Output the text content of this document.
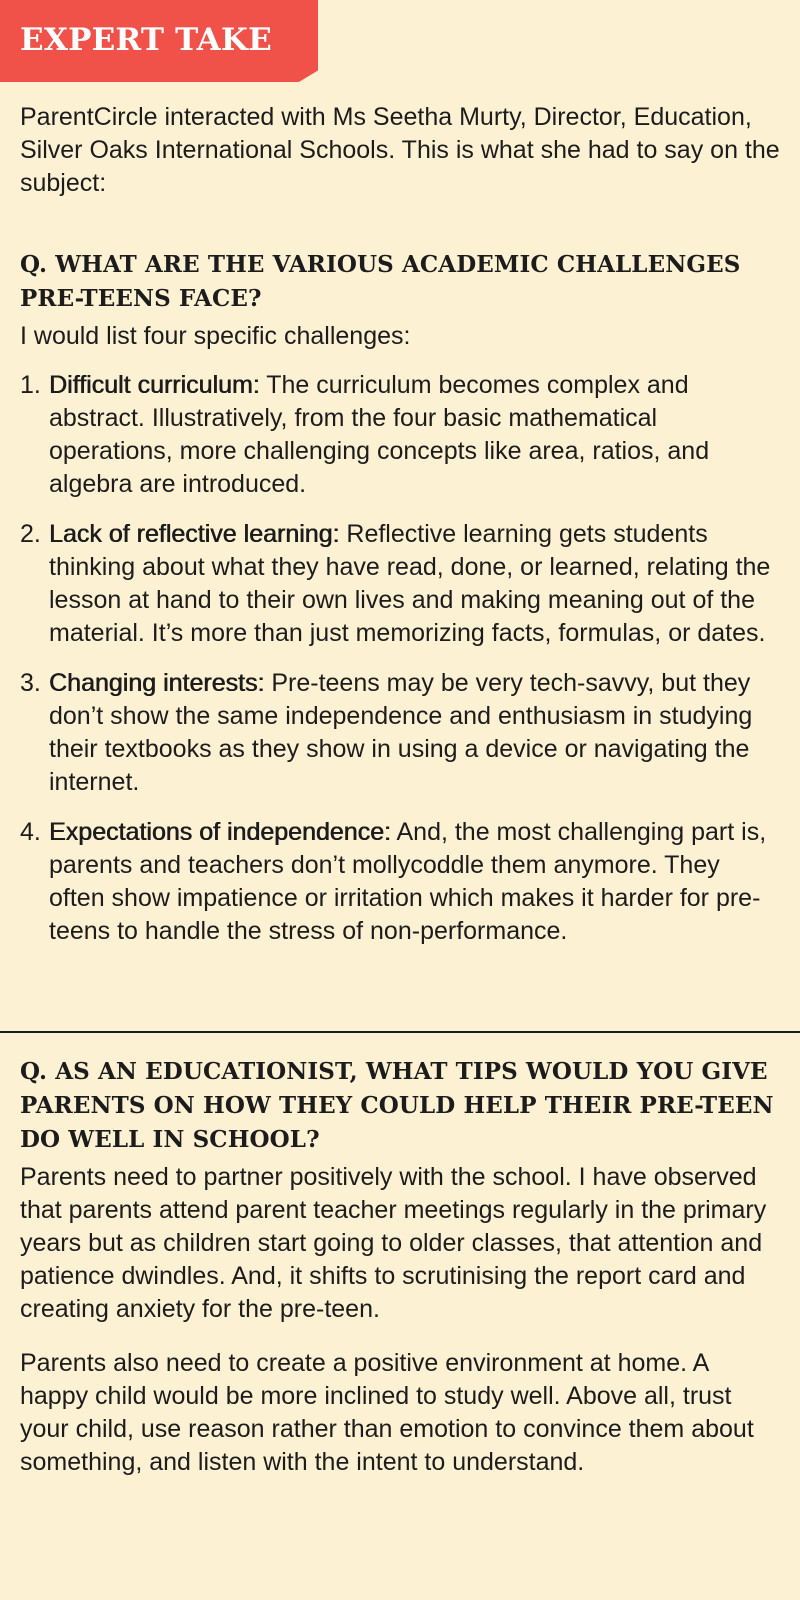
EXPERT TAKE

ParentCircle interacted with Ms Seetha Murty, Director, Education, Silver Oaks International Schools. This is what she had to say on the subject:

Q. WHAT ARE THE VARIOUS ACADEMIC CHALLENGES PRE-TEENS FACE?

I would list four specific challenges:

1. Difficult curriculum: The curriculum becomes complex and abstract. Illustratively, from the four basic mathematical operations, more challenging concepts like area, ratios, and algebra are introduced.
2. Lack of reflective learning: Reflective learning gets students thinking about what they have read, done, or learned, relating the lesson at hand to their own lives and making meaning out of the material. It’s more than just memorizing facts, formulas, or dates.
3. Changing interests: Pre-teens may be very tech-savvy, but they don’t show the same independence and enthusiasm in studying their textbooks as they show in using a device or navigating the internet.
4. Expectations of independence: And, the most challenging part is, parents and teachers don’t mollycoddle them anymore. They often show impatience or irritation which makes it harder for pre-teens to handle the stress of non-performance.
Q. AS AN EDUCATIONIST, WHAT TIPS WOULD YOU GIVE PARENTS ON HOW THEY COULD HELP THEIR PRE-TEEN DO WELL IN SCHOOL?

Parents need to partner positively with the school. I have observed that parents attend parent teacher meetings regularly in the primary years but as children start going to older classes, that attention and patience dwindles. And, it shifts to scrutinising the report card and creating anxiety for the pre-teen.

Parents also need to create a positive environment at home. A happy child would be more inclined to study well. Above all, trust your child, use reason rather than emotion to convince them about something, and listen with the intent to understand.
